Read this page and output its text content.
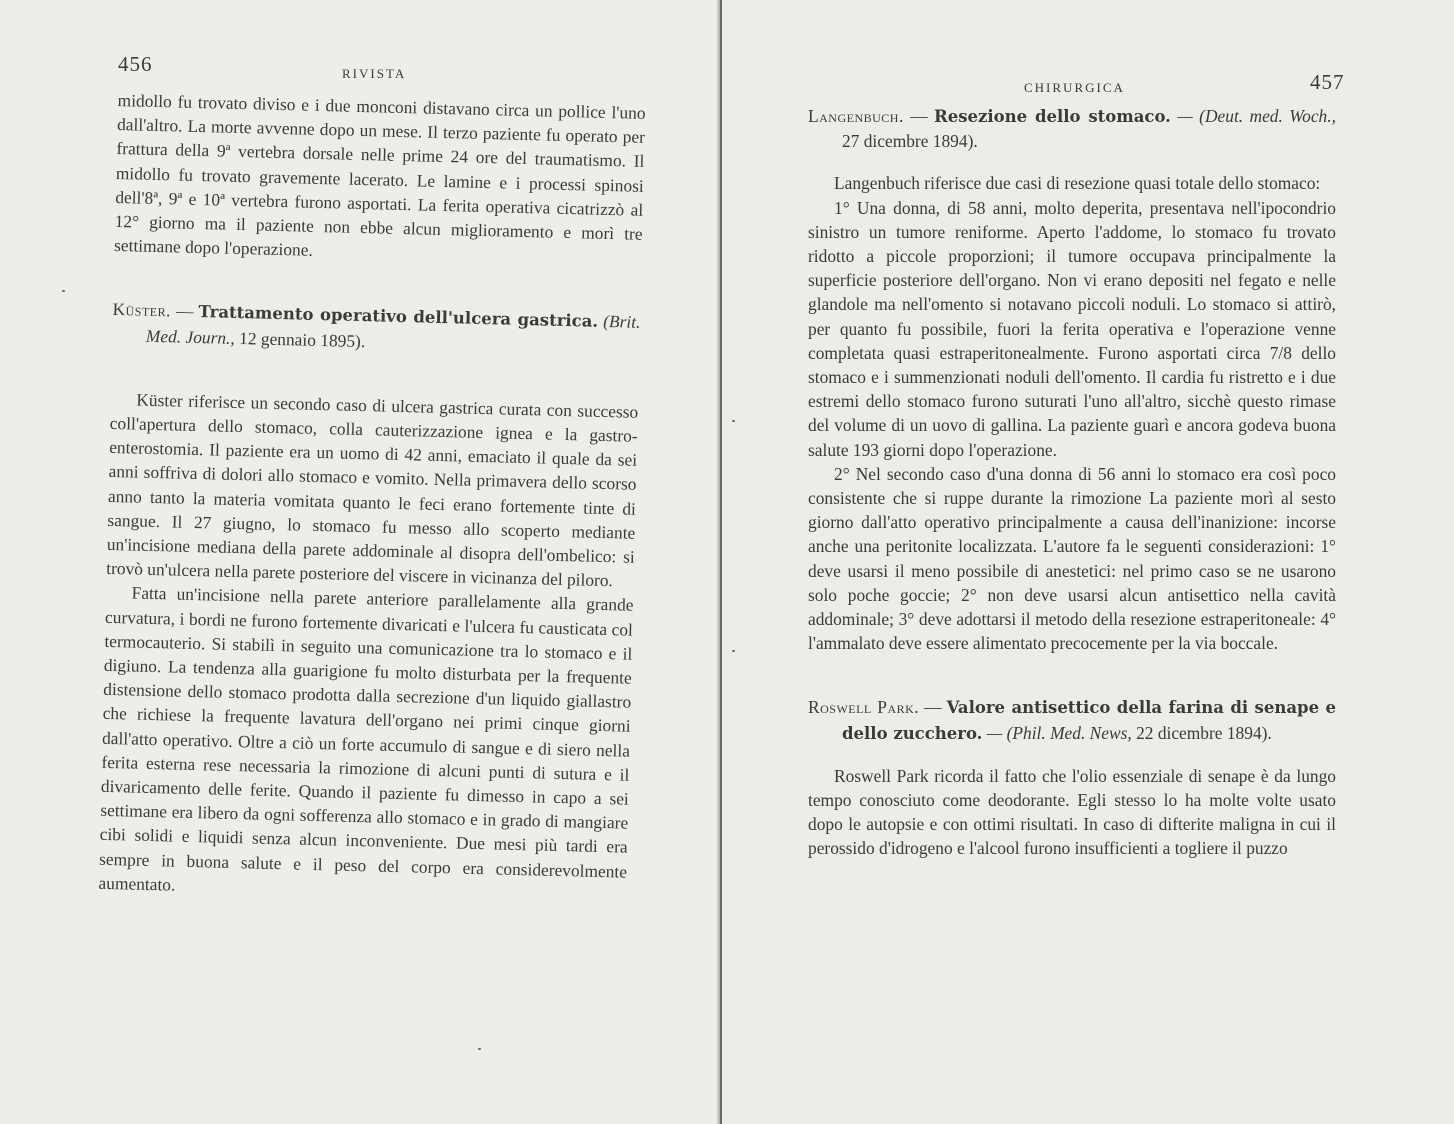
456	RIVISTA

midollo fu trovato diviso e i due monconi distavano circa un pollice l'uno dall'altro. La morte avvenne dopo un mese. Il terzo paziente fu operato per frattura della 9ª vertebra dorsale nelle prime 24 ore del traumatismo. Il midollo fu trovato gravemente lacerato. Le lamine e i processi spinosi dell'8ª, 9ª e 10ª vertebra furono asportati. La ferita operativa cicatrizzò al 12° giorno ma il paziente non ebbe alcun miglioramento e morì tre settimane dopo l'operazione.

Küster. — Trattamento operativo dell'ulcera gastrica. (Brit. Med. Journ., 12 gennaio 1895).

Küster riferisce un secondo caso di ulcera gastrica curata con successo coll'apertura dello stomaco, colla cauterizzazione ignea e la gastro-enterostomia. Il paziente era un uomo di 42 anni, emaciato il quale da sei anni soffriva di dolori allo stomaco e vomito. Nella primavera dello scorso anno tanto la materia vomitata quanto le feci erano fortemente tinte di sangue. Il 27 giugno, lo stomaco fu messo allo scoperto mediante un'incisione mediana della parete addominale al disopra dell'ombelico: si trovò un'ulcera nella parete posteriore del viscere in vicinanza del piloro.

Fatta un'incisione nella parete anteriore parallelamente alla grande curvatura, i bordi ne furono fortemente divaricati e l'ulcera fu causticata col termocauterio. Si stabilì in seguito una comunicazione tra lo stomaco e il digiuno. La tendenza alla guarigione fu molto disturbata per la frequente distensione dello stomaco prodotta dalla secrezione d'un liquido giallastro che richiese la frequente lavatura dell'organo nei primi cinque giorni dall'atto operativo. Oltre a ciò un forte accumulo di sangue e di siero nella ferita esterna rese necessaria la rimozione di alcuni punti di sutura e il divaricamento delle ferite. Quando il paziente fu dimesso in capo a sei settimane era libero da ogni sofferenza allo stomaco e in grado di mangiare cibi solidi e liquidi senza alcun inconveniente. Due mesi più tardi era sempre in buona salute e il peso del corpo era considerevolmente aumentato.

CHIRURGICA	457

Langenbuch. — Resezione dello stomaco. — (Deut. med. Woch., 27 dicembre 1894).

Langenbuch riferisce due casi di resezione quasi totale dello stomaco:

1° Una donna, di 58 anni, molto deperita, presentava nell'ipocondrio sinistro un tumore reniforme. Aperto l'addome, lo stomaco fu trovato ridotto a piccole proporzioni; il tumore occupava principalmente la superficie posteriore dell'organo. Non vi erano depositi nel fegato e nelle glandole ma nell'omento si notavano piccoli noduli. Lo stomaco si attirò, per quanto fu possibile, fuori la ferita operativa e l'operazione venne completata quasi estraperitonealmente. Furono asportati circa 7/8 dello stomaco e i summenzionati noduli dell'omento. Il cardia fu ristretto e i due estremi dello stomaco furono suturati l'uno all'altro, sicchè questo rimase del volume di un uovo di gallina. La paziente guarì e ancora godeva buona salute 193 giorni dopo l'operazione.

2° Nel secondo caso d'una donna di 56 anni lo stomaco era così poco consistente che si ruppe durante la rimozione La paziente morì al sesto giorno dall'atto operativo principalmente a causa dell'inanizione: incorse anche una peritonite localizzata. L'autore fa le seguenti considerazioni: 1° deve usarsi il meno possibile di anestetici: nel primo caso se ne usarono solo poche goccie; 2° non deve usarsi alcun antisettico nella cavità addominale; 3° deve adottarsi il metodo della resezione estraperitoneale: 4° l'ammalato deve essere alimentato precocemente per la via boccale.

Roswell Park. — Valore antisettico della farina di senape e dello zucchero. — (Phil. Med. News, 22 dicembre 1894).

Roswell Park ricorda il fatto che l'olio essenziale di senape è da lungo tempo conosciuto come deodorante. Egli stesso lo ha molte volte usato dopo le autopsie e con ottimi risultati. In caso di difterite maligna in cui il perossido d'idrogeno e l'alcool furono insufficienti a togliere il puzzo
